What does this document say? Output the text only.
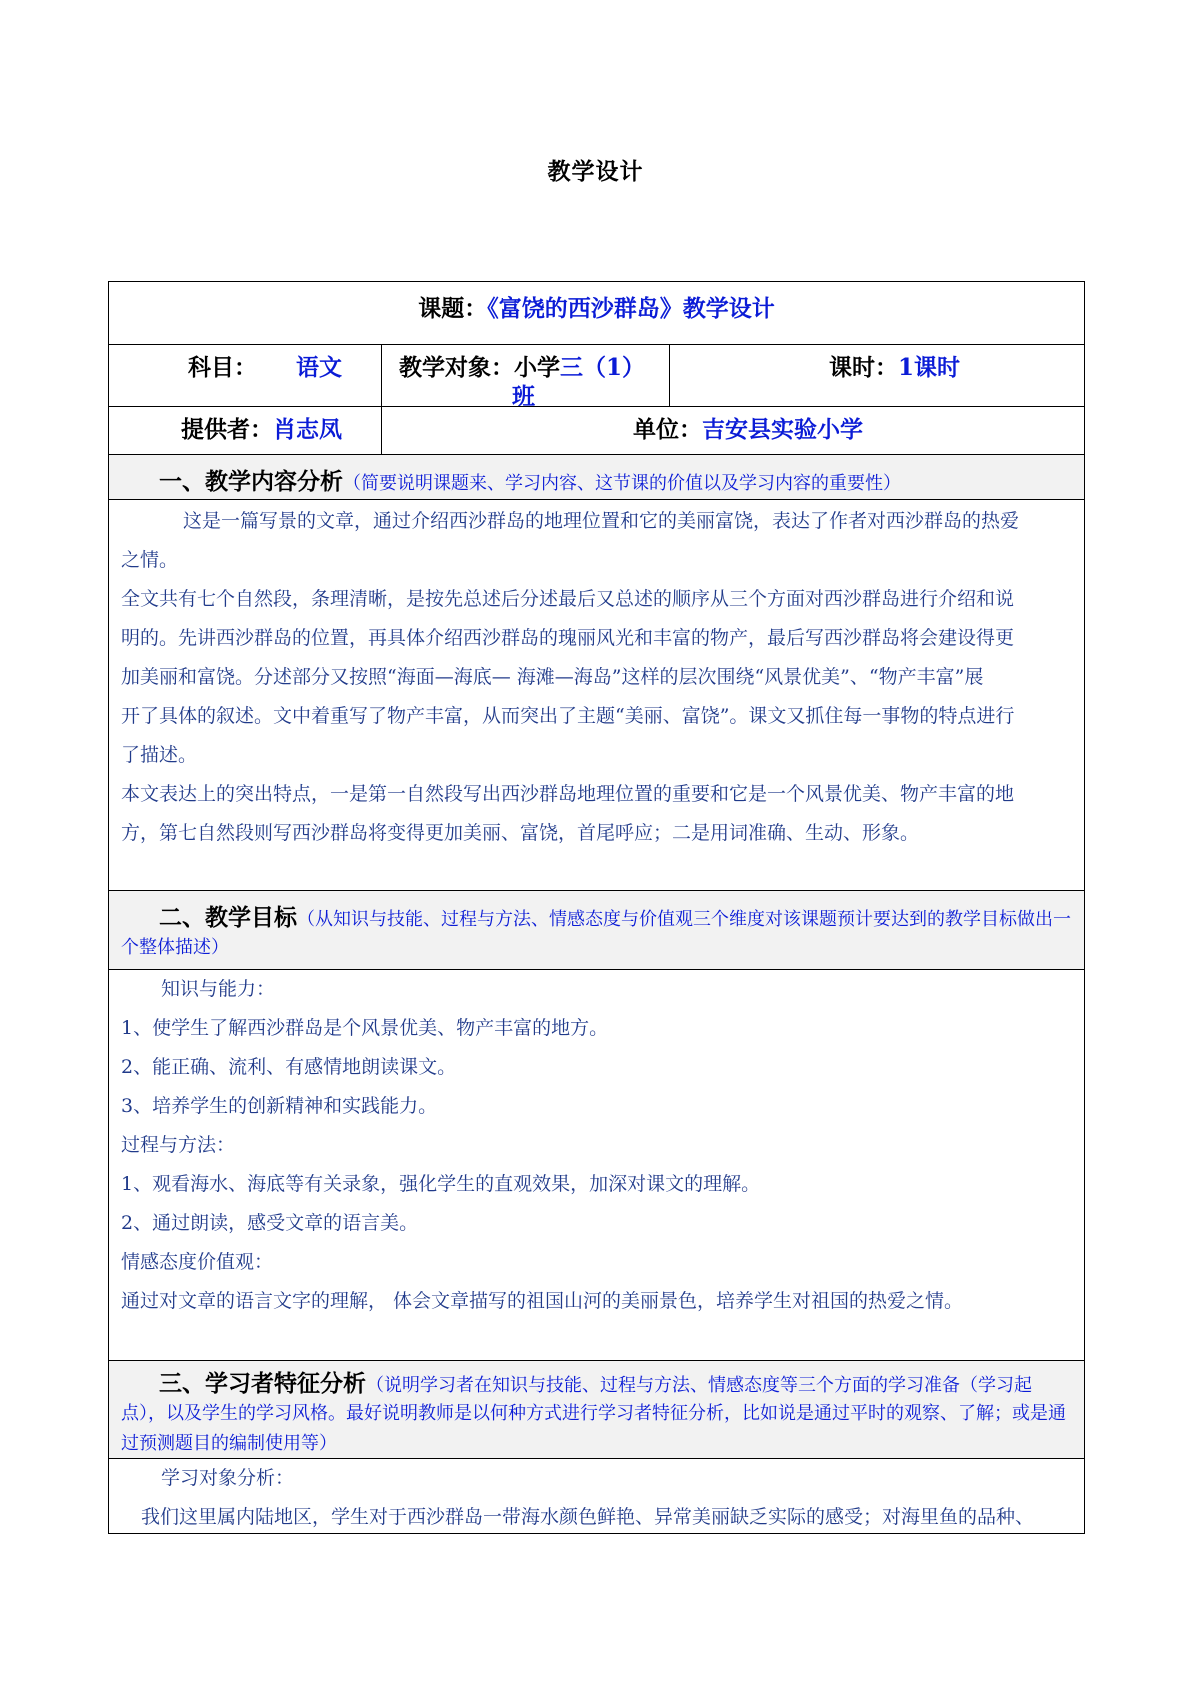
教学设计
课题：《富饶的西沙群岛》教学设计
科目： 语文 教学对象：小学三（1）
班
课时：1课时
提供者：肖志凤	单位：吉安县实验小学
一、教学内容分析（简要说明课题来、学习内容、这节课的价值以及学习内容的重要性）
这是一篇写景的文章，通过介绍西沙群岛的地理位置和它的美丽富饶，表达了作者对西沙群岛的热爱
之情。
全文共有七个自然段，条理清晰，是按先总述后分述最后又总述的顺序从三个方面对西沙群岛进行介绍和说
明的。先讲西沙群岛的位置，再具体介绍西沙群岛的瑰丽风光和丰富的物产，最后写西沙群岛将会建设得更
加美丽和富饶。分述部分又按照“海面—海底— 海滩—海岛”这样的层次围绕“风景优美”、“物产丰富”展
开了具体的叙述。文中着重写了物产丰富，从而突出了主题“美丽、富饶”。课文又抓住每一事物的特点进行
了描述。
本文表达上的突出特点，一是第一自然段写出西沙群岛地理位置的重要和它是一个风景优美、物产丰富的地
方，第七自然段则写西沙群岛将变得更加美丽、富饶，首尾呼应；二是用词准确、生动、形象。
二、教学目标（从知识与技能、过程与方法、情感态度与价值观三个维度对该课题预计要达到的教学目标做出一
个整体描述）
知识与能力：
1、使学生了解西沙群岛是个风景优美、物产丰富的地方。
2、能正确、流利、有感情地朗读课文。
3、培养学生的创新精神和实践能力。
过程与方法：
1、观看海水、海底等有关录象，强化学生的直观效果，加深对课文的理解。
2、通过朗读，感受文章的语言美。
情感态度价值观：
通过对文章的语言文字的理解， 体会文章描写的祖国山河的美丽景色，培养学生对祖国的热爱之情。
三、学习者特征分析（说明学习者在知识与技能、过程与方法、情感态度等三个方面的学习准备（学习起
点），以及学生的学习风格。最好说明教师是以何种方式进行学习者特征分析，比如说是通过平时的观察、了解；或是通
过预测题目的编制使用等）
学习对象分析：
我们这里属内陆地区，学生对于西沙群岛一带海水颜色鲜艳、异常美丽缺乏实际的感受；对海里鱼的品种、
